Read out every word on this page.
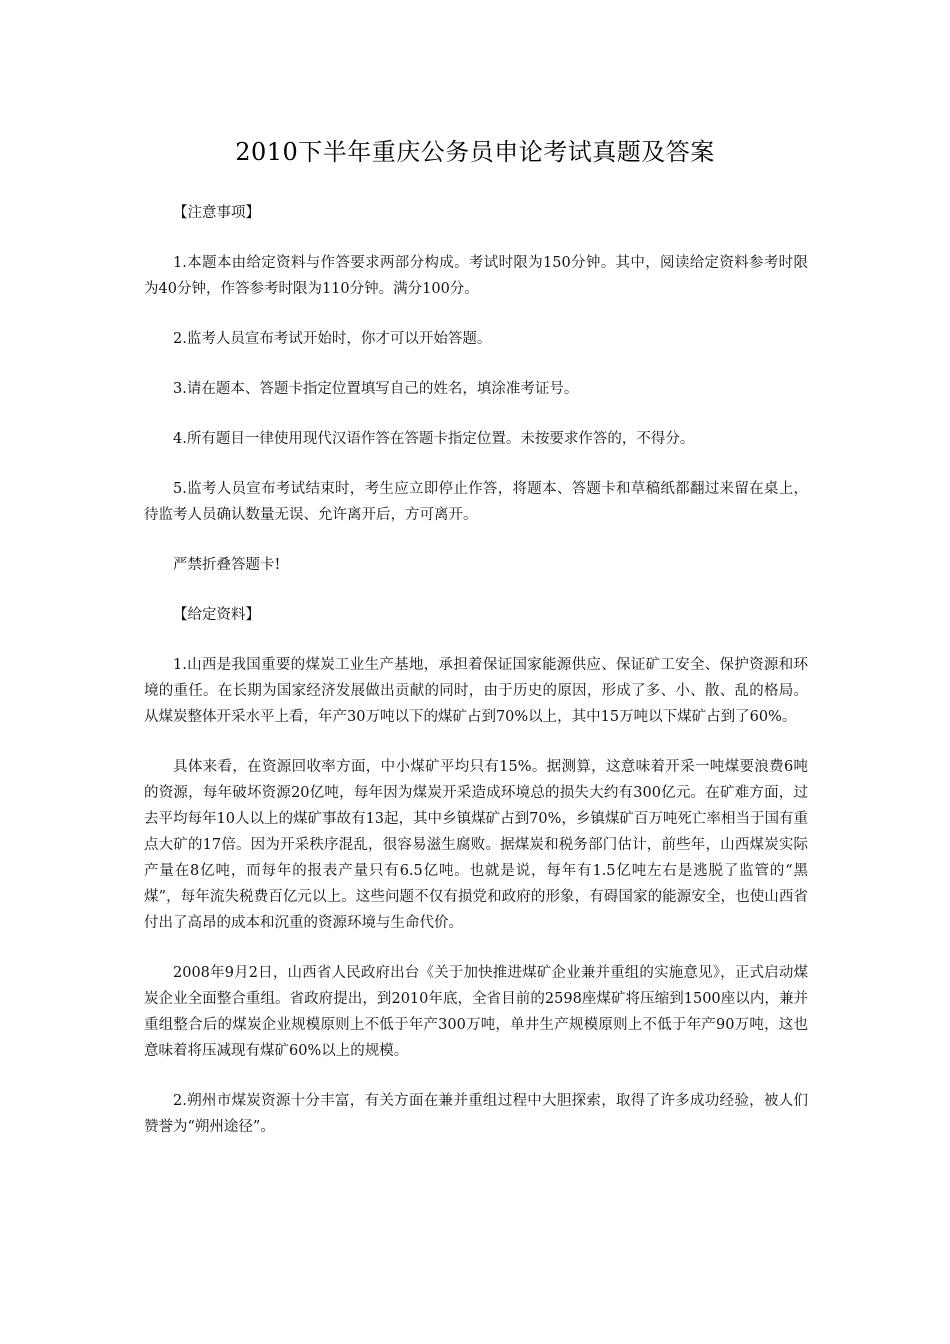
2010下半年重庆公务员申论考试真题及答案
【注意事项】

1.本题本由给定资料与作答要求两部分构成。考试时限为150分钟。其中，阅读给定资料参考时限为40分钟，作答参考时限为110分钟。满分100分。

2.监考人员宣布考试开始时，你才可以开始答题。

3.请在题本、答题卡指定位置填写自己的姓名，填涂准考证号。

4.所有题目一律使用现代汉语作答在答题卡指定位置。未按要求作答的，不得分。

5.监考人员宣布考试结束时，考生应立即停止作答，将题本、答题卡和草稿纸都翻过来留在桌上，待监考人员确认数量无误、允许离开后，方可离开。

严禁折叠答题卡!
【给定资料】

1.山西是我国重要的煤炭工业生产基地，承担着保证国家能源供应、保证矿工安全、保护资源和环境的重任。在长期为国家经济发展做出贡献的同时，由于历史的原因，形成了多、小、散、乱的格局。从煤炭整体开采水平上看，年产30万吨以下的煤矿占到70%以上，其中15万吨以下煤矿占到了60%。

具体来看，在资源回收率方面，中小煤矿平均只有15%。据测算，这意味着开采一吨煤要浪费6吨的资源，每年破坏资源20亿吨，每年因为煤炭开采造成环境总的损失大约有300亿元。在矿难方面，过去平均每年10人以上的煤矿事故有13起，其中乡镇煤矿占到70%，乡镇煤矿百万吨死亡率相当于国有重点大矿的17倍。因为开采秩序混乱，很容易滋生腐败。据煤炭和税务部门估计，前些年，山西煤炭实际产量在8亿吨，而每年的报表产量只有6.5亿吨。也就是说，每年有1.5亿吨左右是逃脱了监管的“黑煤”，每年流失税费百亿元以上。这些问题不仅有损党和政府的形象，有碍国家的能源安全，也使山西省付出了高昂的成本和沉重的资源环境与生命代价。

2008年9月2日，山西省人民政府出台《关于加快推进煤矿企业兼并重组的实施意见》，正式启动煤炭企业全面整合重组。省政府提出，到2010年底，全省目前的2598座煤矿将压缩到1500座以内，兼并重组整合后的煤炭企业规模原则上不低于年产300万吨，单井生产规模原则上不低于年产90万吨，这也意味着将压减现有煤矿60%以上的规模。

2.朔州市煤炭资源十分丰富，有关方面在兼并重组过程中大胆探索，取得了许多成功经验，被人们赞誉为“朔州途径”。
